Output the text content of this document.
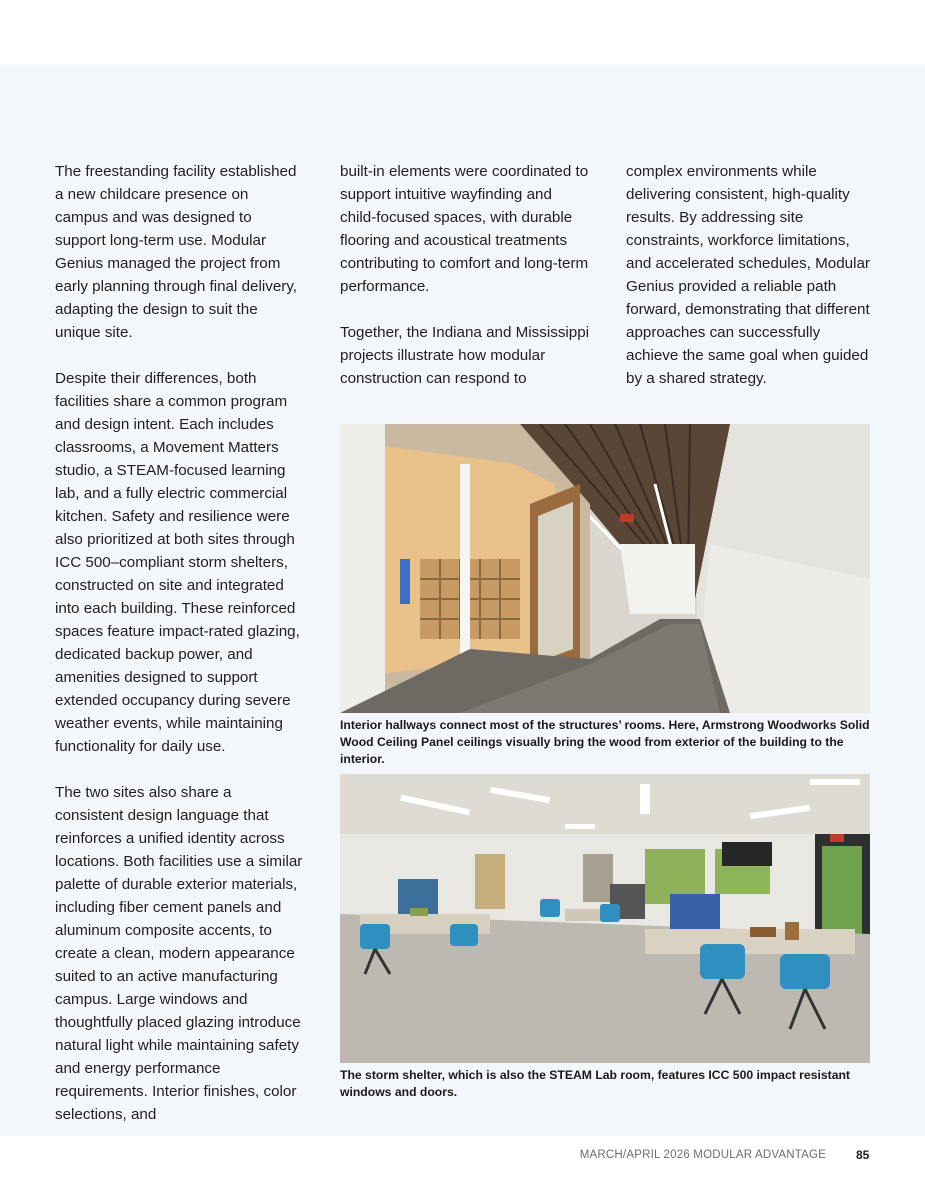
The freestanding facility established a new childcare presence on campus and was designed to support long-term use. Modular Genius managed the project from early planning through final delivery, adapting the design to suit the unique site.

Despite their differences, both facilities share a common program and design intent. Each includes classrooms, a Movement Matters studio, a STEAM-focused learning lab, and a fully electric commercial kitchen. Safety and resilience were also prioritized at both sites through ICC 500–compliant storm shelters, constructed on site and integrated into each building. These reinforced spaces feature impact-rated glazing, dedicated backup power, and amenities designed to support extended occupancy during severe weather events, while maintaining functionality for daily use.

The two sites also share a consistent design language that reinforces a unified identity across locations. Both facilities use a similar palette of durable exterior materials, including fiber cement panels and aluminum composite accents, to create a clean, modern appearance suited to an active manufacturing campus. Large windows and thoughtfully placed glazing introduce natural light while maintaining safety and energy performance requirements. Interior finishes, color selections, and

built-in elements were coordinated to support intuitive wayfinding and child-focused spaces, with durable flooring and acoustical treatments contributing to comfort and long-term performance.

Together, the Indiana and Mississippi projects illustrate how modular construction can respond to

complex environments while delivering consistent, high-quality results. By addressing site constraints, workforce limitations, and accelerated schedules, Modular Genius provided a reliable path forward, demonstrating that different approaches can successfully achieve the same goal when guided by a shared strategy.

Interior hallways connect most of the structures’ rooms. Here, Armstrong Woodworks Solid Wood Ceiling Panel ceilings visually bring the wood from exterior of the building to the interior.
The storm shelter, which is also the STEAM Lab room, features ICC 500 impact resistant windows and doors.
MARCH/APRIL 2026 MODULAR ADVANTAGE	85
